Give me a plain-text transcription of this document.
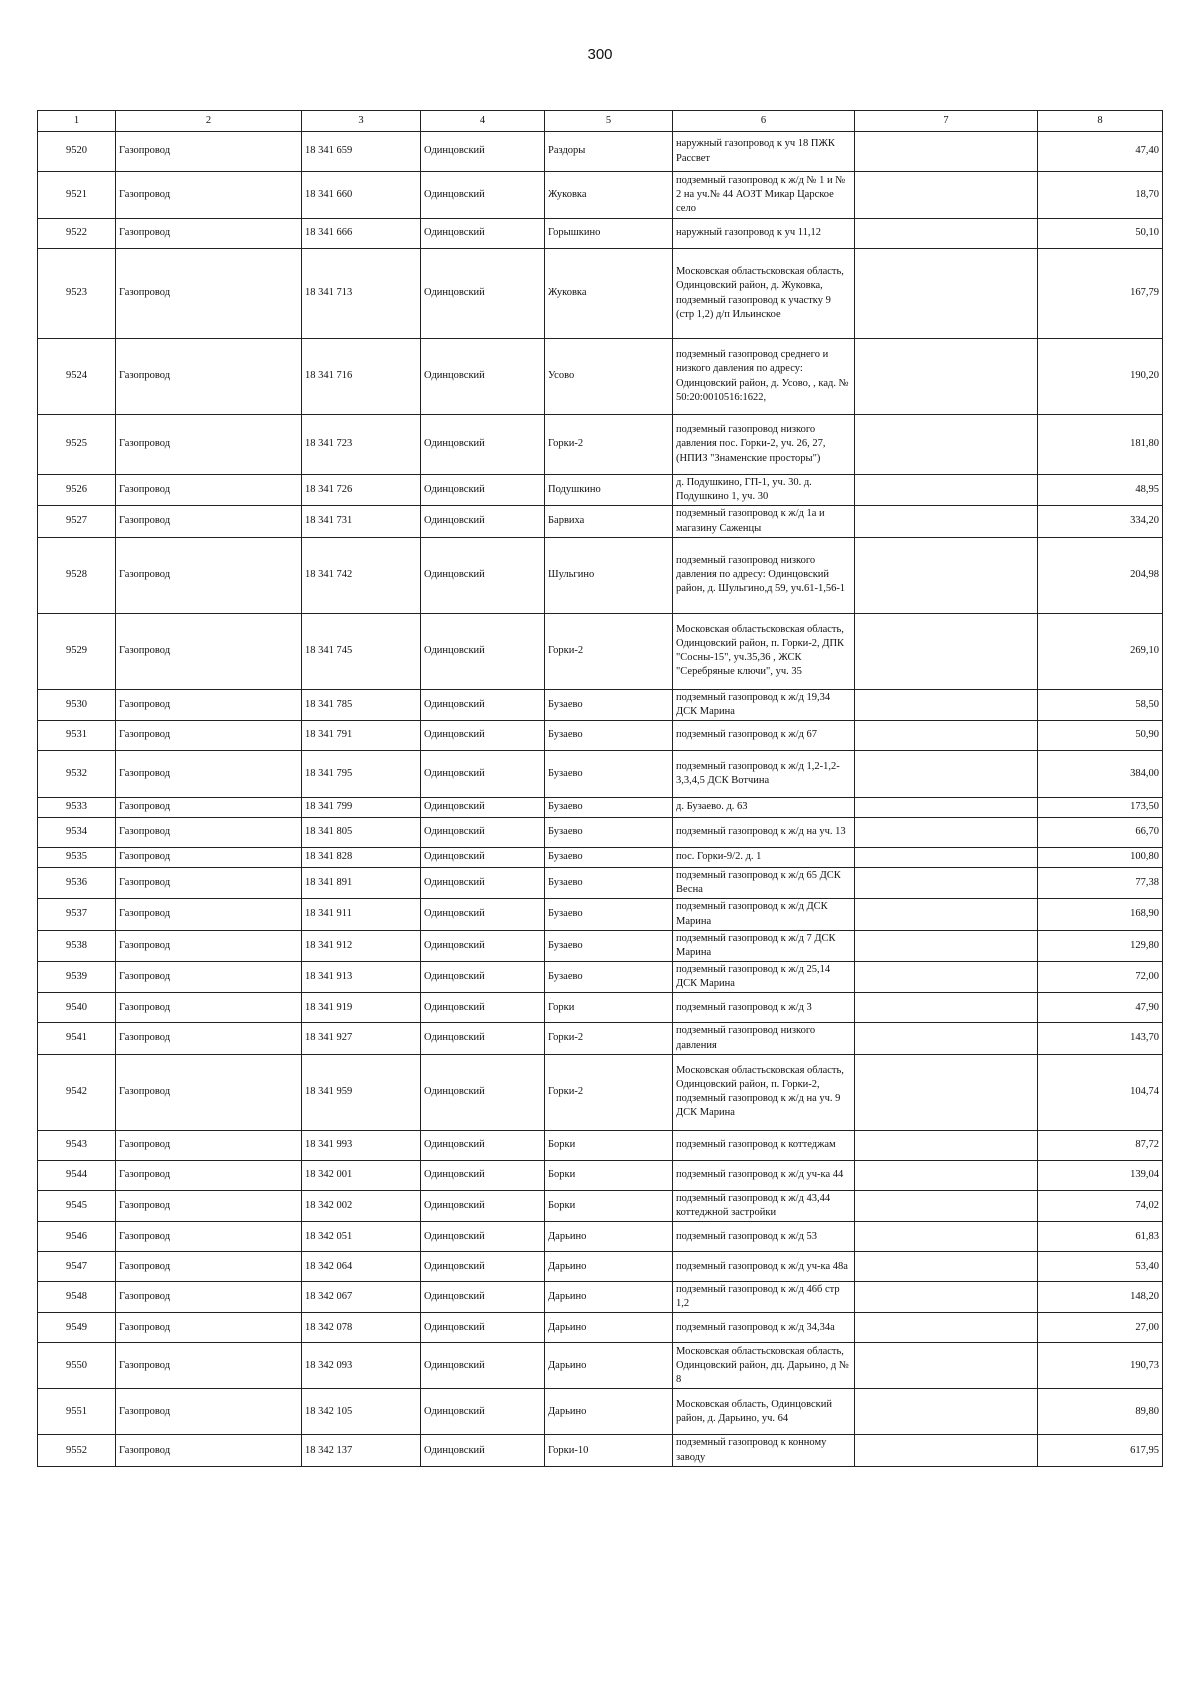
300
1	2	3	4	5	6	7	8
9520	Газопровод	18 341 659	Одинцовский	Раздоры	наружный газопровод к уч 18 ПЖК Рассвет		47,40
9521	Газопровод	18 341 660	Одинцовский	Жуковка	подземный газопровод к ж/д № 1 и № 2 на уч.№ 44 АОЗТ Микар Царское село		18,70
9522	Газопровод	18 341 666	Одинцовский	Горышкино	наружный газопровод к уч 11,12		50,10
9523	Газопровод	18 341 713	Одинцовский	Жуковка	Московская областьсковская область, Одинцовский район, д. Жуковка, подземный газопровод к участку 9 (стр 1,2) д/п Ильинское		167,79
9524	Газопровод	18 341 716	Одинцовский	Усово	подземный газопровод среднего и низкого давления по адресу: Одинцовский район, д. Усово, , кад. № 50:20:0010516:1622,		190,20
9525	Газопровод	18 341 723	Одинцовский	Горки-2	подземный газопровод низкого давления пос. Горки-2, уч. 26, 27, (НПИЗ "Знаменские просторы")		181,80
9526	Газопровод	18 341 726	Одинцовский	Подушкино	д. Подушкино, ГП-1, уч. 30. д. Подушкино 1, уч. 30		48,95
9527	Газопровод	18 341 731	Одинцовский	Барвиха	подземный газопровод к ж/д 1а и магазину Саженцы		334,20
9528	Газопровод	18 341 742	Одинцовский	Шульгино	подземный газопровод низкого давления по адресу: Одинцовский район, д. Шульгино,д 59, уч.61-1,56-1		204,98
9529	Газопровод	18 341 745	Одинцовский	Горки-2	Московская областьсковская область, Одинцовский район, п. Горки-2, ДПК "Сосны-15", уч.35,36 , ЖСК "Серебряные ключи", уч. 35		269,10
9530	Газопровод	18 341 785	Одинцовский	Бузаево	подземный газопровод к ж/д 19,34 ДСК Марина		58,50
9531	Газопровод	18 341 791	Одинцовский	Бузаево	подземный газопровод к ж/д 67		50,90
9532	Газопровод	18 341 795	Одинцовский	Бузаево	подземный газопровод к ж/д 1,2-1,2-3,3,4,5 ДСК Вотчина		384,00
9533	Газопровод	18 341 799	Одинцовский	Бузаево	д. Бузаево. д. 63		173,50
9534	Газопровод	18 341 805	Одинцовский	Бузаево	подземный газопровод к ж/д на уч. 13		66,70
9535	Газопровод	18 341 828	Одинцовский	Бузаево	пос. Горки-9/2. д. 1		100,80
9536	Газопровод	18 341 891	Одинцовский	Бузаево	подземный газопровод к ж/д 65 ДСК Весна		77,38
9537	Газопровод	18 341 911	Одинцовский	Бузаево	подземный газопровод к ж/д ДСК Марина		168,90
9538	Газопровод	18 341 912	Одинцовский	Бузаево	подземный газопровод к ж/д 7 ДСК Марина		129,80
9539	Газопровод	18 341 913	Одинцовский	Бузаево	подземный газопровод к ж/д 25,14 ДСК Марина		72,00
9540	Газопровод	18 341 919	Одинцовский	Горки	подземный газопровод к ж/д 3		47,90
9541	Газопровод	18 341 927	Одинцовский	Горки-2	подземный газопровод низкого давления		143,70
9542	Газопровод	18 341 959	Одинцовский	Горки-2	Московская областьсковская область, Одинцовский район, п. Горки-2, подземный газопровод к ж/д на уч. 9 ДСК Марина		104,74
9543	Газопровод	18 341 993	Одинцовский	Борки	подземный газопровод к коттеджам		87,72
9544	Газопровод	18 342 001	Одинцовский	Борки	подземный газопровод к ж/д уч-ка 44		139,04
9545	Газопровод	18 342 002	Одинцовский	Борки	подземный газопровод к ж/д 43,44 коттеджной застройки		74,02
9546	Газопровод	18 342 051	Одинцовский	Дарьино	подземный газопровод к ж/д 53		61,83
9547	Газопровод	18 342 064	Одинцовский	Дарьино	подземный газопровод к ж/д уч-ка 48а		53,40
9548	Газопровод	18 342 067	Одинцовский	Дарьино	подземный газопровод к ж/д 46б стр 1,2		148,20
9549	Газопровод	18 342 078	Одинцовский	Дарьино	подземный газопровод к ж/д 34,34а		27,00
9550	Газопровод	18 342 093	Одинцовский	Дарьино	Московская областьсковская область, Одинцовский район, дц. Дарьино, д № 8		190,73
9551	Газопровод	18 342 105	Одинцовский	Дарьино	Московская область, Одинцовский район, д. Дарьино, уч. 64		89,80
9552	Газопровод	18 342 137	Одинцовский	Горки-10	подземный газопровод к конному заводу		617,95
